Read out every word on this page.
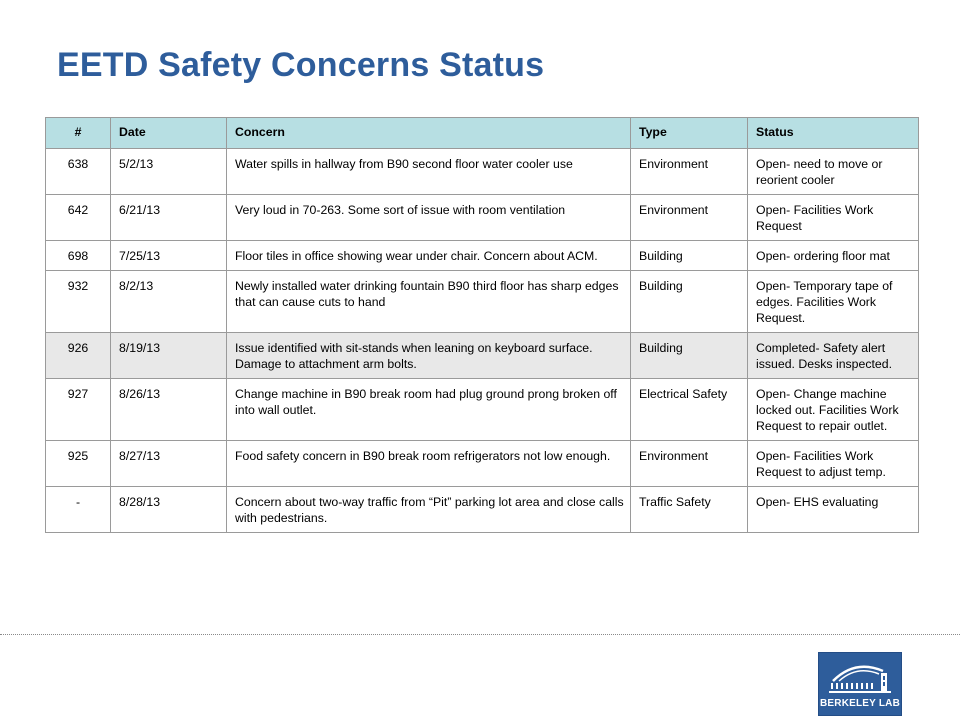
EETD Safety Concerns Status
#	Date	Concern	Type	Status
638	5/2/13	Water spills in hallway from B90 second floor water cooler use	Environment	Open- need to move or reorient cooler
642	6/21/13	Very loud in 70-263. Some sort of issue with room ventilation	Environment	Open- Facilities Work Request
698	7/25/13	Floor tiles in office showing wear under chair. Concern about ACM.	Building	Open- ordering floor mat
932	8/2/13	Newly installed water drinking fountain B90 third floor has sharp edges that can cause cuts to hand	Building	Open- Temporary tape of edges. Facilities Work Request.
926	8/19/13	Issue identified with sit-stands when leaning on keyboard surface. Damage to attachment arm bolts.	Building	Completed- Safety alert issued. Desks inspected.
927	8/26/13	Change machine in B90 break room had plug ground prong broken off into wall outlet.	Electrical Safety	Open- Change machine locked out. Facilities Work Request to repair outlet.
925	8/27/13	Food safety concern in B90 break room refrigerators not low enough.	Environment	Open- Facilities Work Request to adjust temp.
-	8/28/13	Concern about two-way traffic from “Pit” parking lot area and close calls with pedestrians.	Traffic Safety	Open- EHS evaluating
BERKELEY LAB
